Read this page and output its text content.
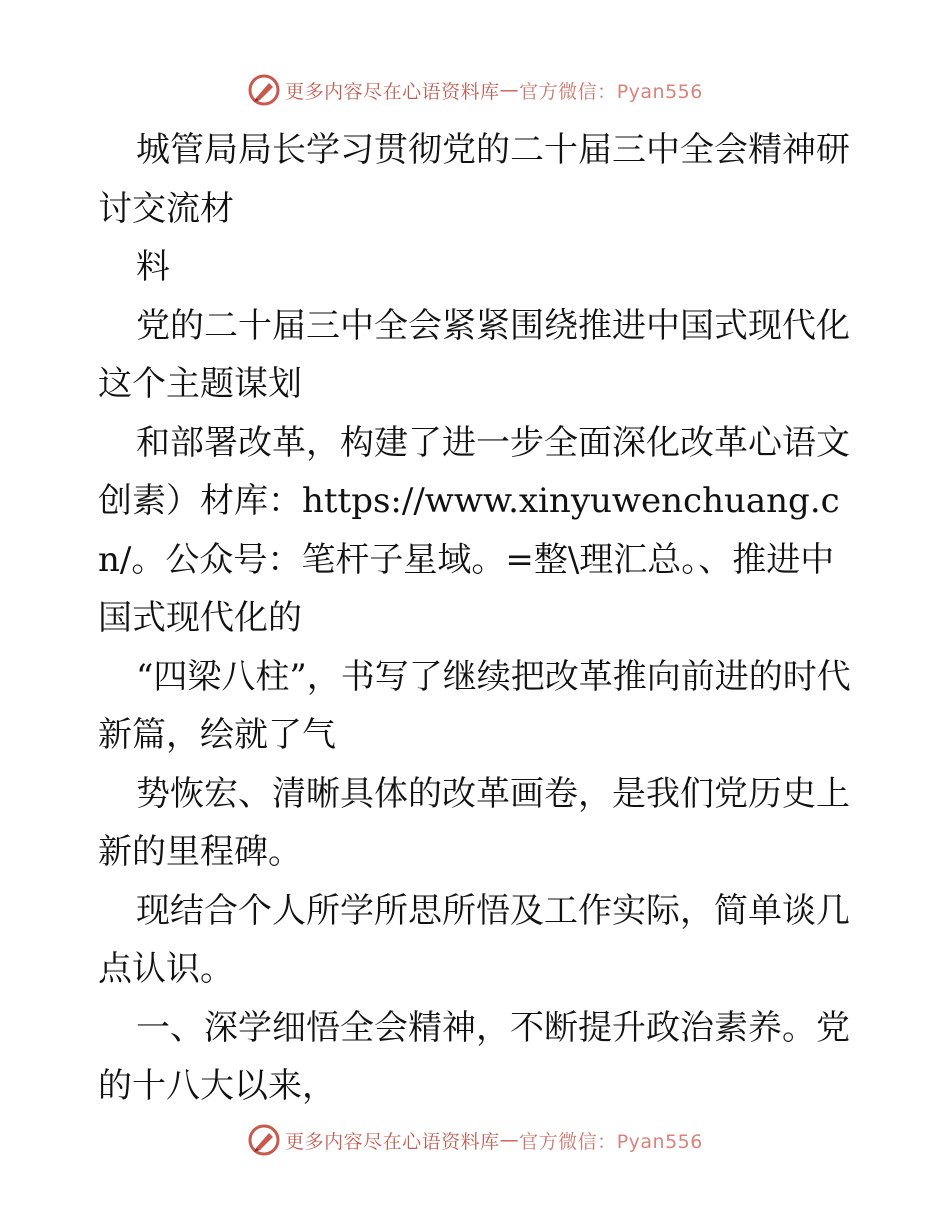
更多内容尽在心语资料库 — 官方微信：Pyan556

城管局局长学习贯彻党的二十届三中全会精神研讨交流材

料

党的二十届三中全会紧紧围绕推进中国式现代化这个主题谋划

和部署改革，构建了进一步全面深化改革心语文创素）材库：https://www.xinyuwenchuang.cn/。公众号：笔杆子星域。=整\理汇总。、推进中国式现代化的

“四梁八柱”，书写了继续把改革推向前进的时代新篇，绘就了气

势恢宏、清晰具体的改革画卷，是我们党历史上新的里程碑。

现结合个人所学所思所悟及工作实际，简单谈几点认识。

一、深学细悟全会精神，不断提升政治素养。党的十八大以来，

更多内容尽在心语资料库 — 官方微信：Pyan556
